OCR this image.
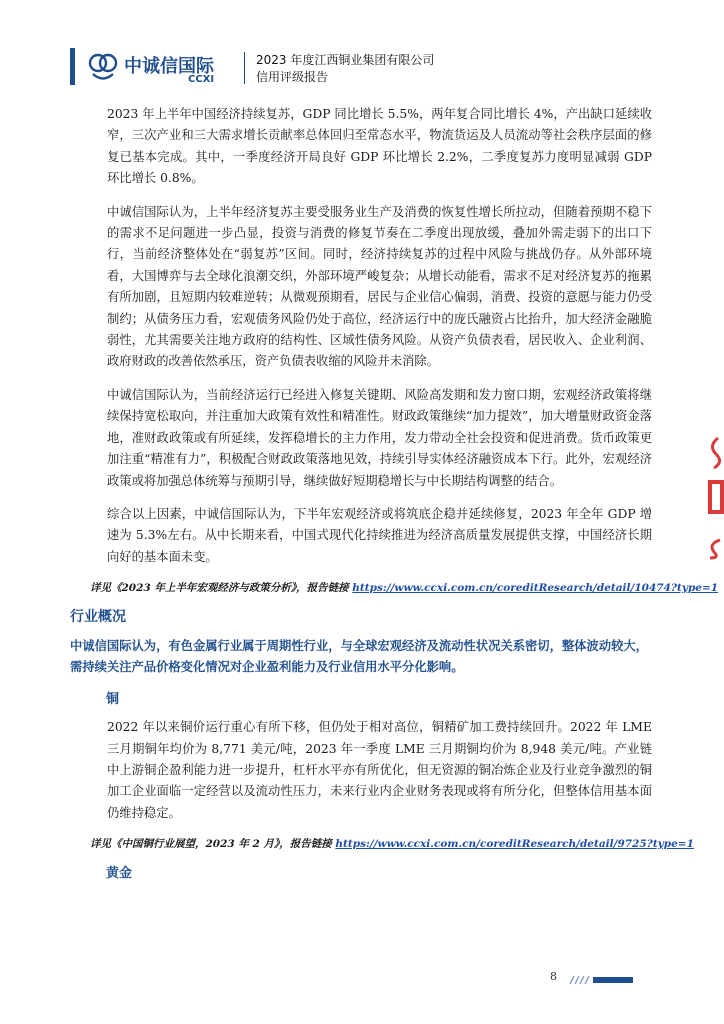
中诚信国际
CCXI
2023 年度江西铜业集团有限公司
信用评级报告

2023 年上半年中国经济持续复苏，GDP 同比增长 5.5%，两年复合同比增长 4%，产出缺口延续收窄，三次产业和三大需求增长贡献率总体回归至常态水平，物流货运及人员流动等社会秩序层面的修复已基本完成。其中，一季度经济开局良好 GDP 环比增长 2.2%，二季度复苏力度明显减弱 GDP 环比增长 0.8%。

中诚信国际认为，上半年经济复苏主要受服务业生产及消费的恢复性增长所拉动，但随着预期不稳下的需求不足问题进一步凸显，投资与消费的修复节奏在二季度出现放缓，叠加外需走弱下的出口下行，当前经济整体处在“弱复苏”区间。同时，经济持续复苏的过程中风险与挑战仍存。从外部环境看，大国博弈与去全球化浪潮交织，外部环境严峻复杂；从增长动能看，需求不足对经济复苏的拖累有所加剧，且短期内较难逆转；从微观预期看，居民与企业信心偏弱，消费、投资的意愿与能力仍受制约；从债务压力看，宏观债务风险仍处于高位，经济运行中的庞氏融资占比抬升，加大经济金融脆弱性，尤其需要关注地方政府的结构性、区域性债务风险。从资产负债表看，居民收入、企业利润、政府财政的改善依然承压，资产负债表收缩的风险并未消除。

中诚信国际认为，当前经济运行已经进入修复关键期、风险高发期和发力窗口期，宏观经济政策将继续保持宽松取向，并注重加大政策有效性和精准性。财政政策继续“加力提效”，加大增量财政资金落地，准财政政策或有所延续，发挥稳增长的主力作用，发力带动全社会投资和促进消费。货币政策更加注重“精准有力”，积极配合财政政策落地见效，持续引导实体经济融资成本下行。此外，宏观经济政策或将加强总体统筹与预期引导，继续做好短期稳增长与中长期结构调整的结合。

综合以上因素，中诚信国际认为，下半年宏观经济或将筑底企稳并延续修复，2023 年全年 GDP 增速为 5.3%左右。从中长期来看，中国式现代化持续推进为经济高质量发展提供支撑，中国经济长期向好的基本面未变。

详见《2023 年上半年宏观经济与政策分析》，报告链接 https://www.ccxi.com.cn/coreditResearch/detail/10474?type=1

行业概况

中诚信国际认为，有色金属行业属于周期性行业，与全球宏观经济及流动性状况关系密切，整体波动较大，需持续关注产品价格变化情况对企业盈利能力及行业信用水平分化影响。

铜

2022 年以来铜价运行重心有所下移，但仍处于相对高位，铜精矿加工费持续回升。2022 年 LME 三月期铜年均价为 8,771 美元/吨，2023 年一季度 LME 三月期铜均价为 8,948 美元/吨。产业链中上游铜企盈利能力进一步提升，杠杆水平亦有所优化，但无资源的铜冶炼企业及行业竞争激烈的铜加工企业面临一定经营以及流动性压力，未来行业内企业财务表现或将有所分化，但整体信用基本面仍维持稳定。

详见《中国铜行业展望，2023 年 2 月》，报告链接 https://www.ccxi.com.cn/coreditResearch/detail/9725?type=1

黄金
8
